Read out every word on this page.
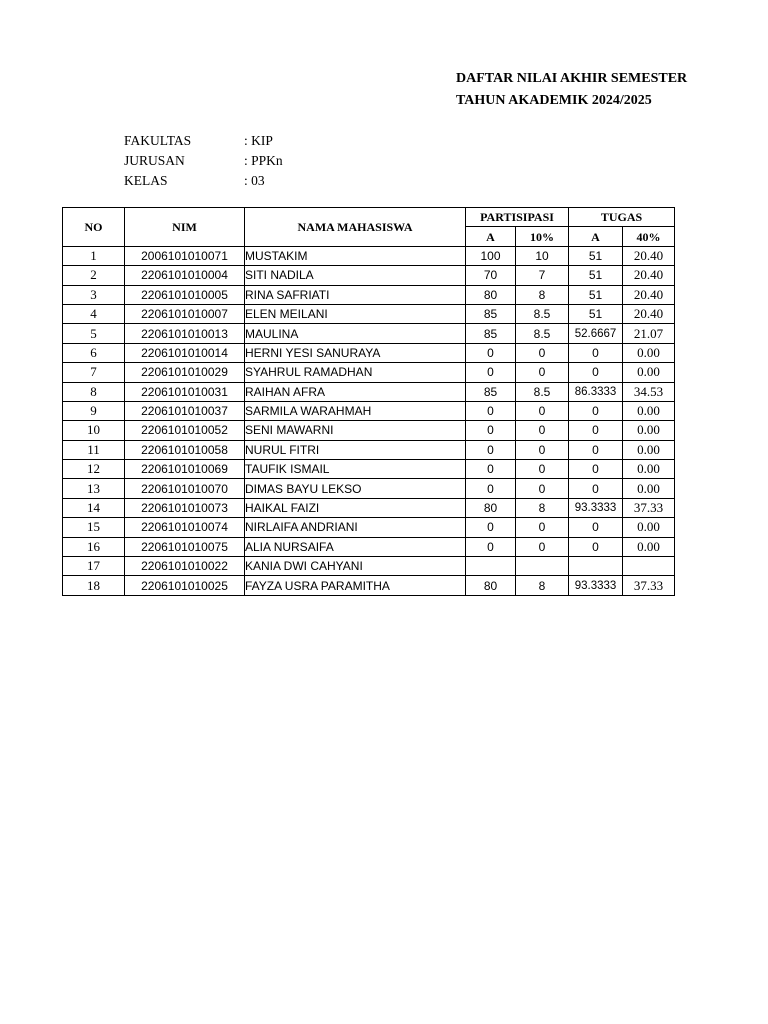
DAFTAR NILAI AKHIR SEMESTER
TAHUN AKADEMIK 2024/2025
FAKULTAS	: KIP
JURUSAN	: PPKn
KELAS	: 03
NO	NIM	NAMA MAHASISWA	PARTISIPASI		TUGAS	
			A	10%	A	40%
1	2006101010071	MUSTAKIM	100	10	51	20.40
2	2206101010004	SITI NADILA	70	7	51	20.40
3	2206101010005	RINA SAFRIATI	80	8	51	20.40
4	2206101010007	ELEN MEILANI	85	8.5	51	20.40
5	2206101010013	MAULINA	85	8.5	52.6667	21.07
6	2206101010014	HERNI YESI SANURAYA	0	0	0	0.00
7	2206101010029	SYAHRUL RAMADHAN	0	0	0	0.00
8	2206101010031	RAIHAN AFRA	85	8.5	86.3333	34.53
9	2206101010037	SARMILA WARAHMAH	0	0	0	0.00
10	2206101010052	SENI MAWARNI	0	0	0	0.00
11	2206101010058	NURUL FITRI	0	0	0	0.00
12	2206101010069	TAUFIK ISMAIL	0	0	0	0.00
13	2206101010070	DIMAS BAYU LEKSO	0	0	0	0.00
14	2206101010073	HAIKAL FAIZI	80	8	93.3333	37.33
15	2206101010074	NIRLAIFA ANDRIANI	0	0	0	0.00
16	2206101010075	ALIA NURSAIFA	0	0	0	0.00
17	2206101010022	KANIA DWI CAHYANI				
18	2206101010025	FAYZA USRA PARAMITHA	80	8	93.3333	37.33
